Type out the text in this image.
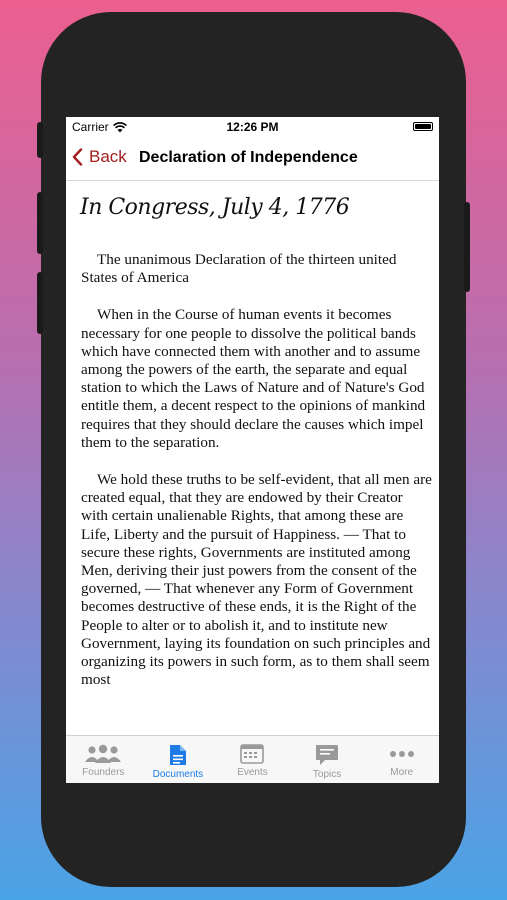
Carrier	12:26 PM
Back Declaration of Independence
In Congress, July 4, 1776

The unanimous Declaration of the thirteen united States of America

When in the Course of human events it becomes necessary for one people to dissolve the political bands which have connected them with another and to assume among the powers of the earth, the separate and equal station to which the Laws of Nature and of Nature's God entitle them, a decent respect to the opinions of mankind requires that they should declare the causes which impel them to the separation.

We hold these truths to be self-evident, that all men are created equal, that they are endowed by their Creator with certain unalienable Rights, that among these are Life, Liberty and the pursuit of Happiness. — That to secure these rights, Governments are instituted among Men, deriving their just powers from the consent of the governed, — That whenever any Form of Government becomes destructive of these ends, it is the Right of the People to alter or to abolish it, and to institute new Government, laying its foundation on such principles and organizing its powers in such form, as to them shall seem most

Founders	Documents	Events	Topics	More
